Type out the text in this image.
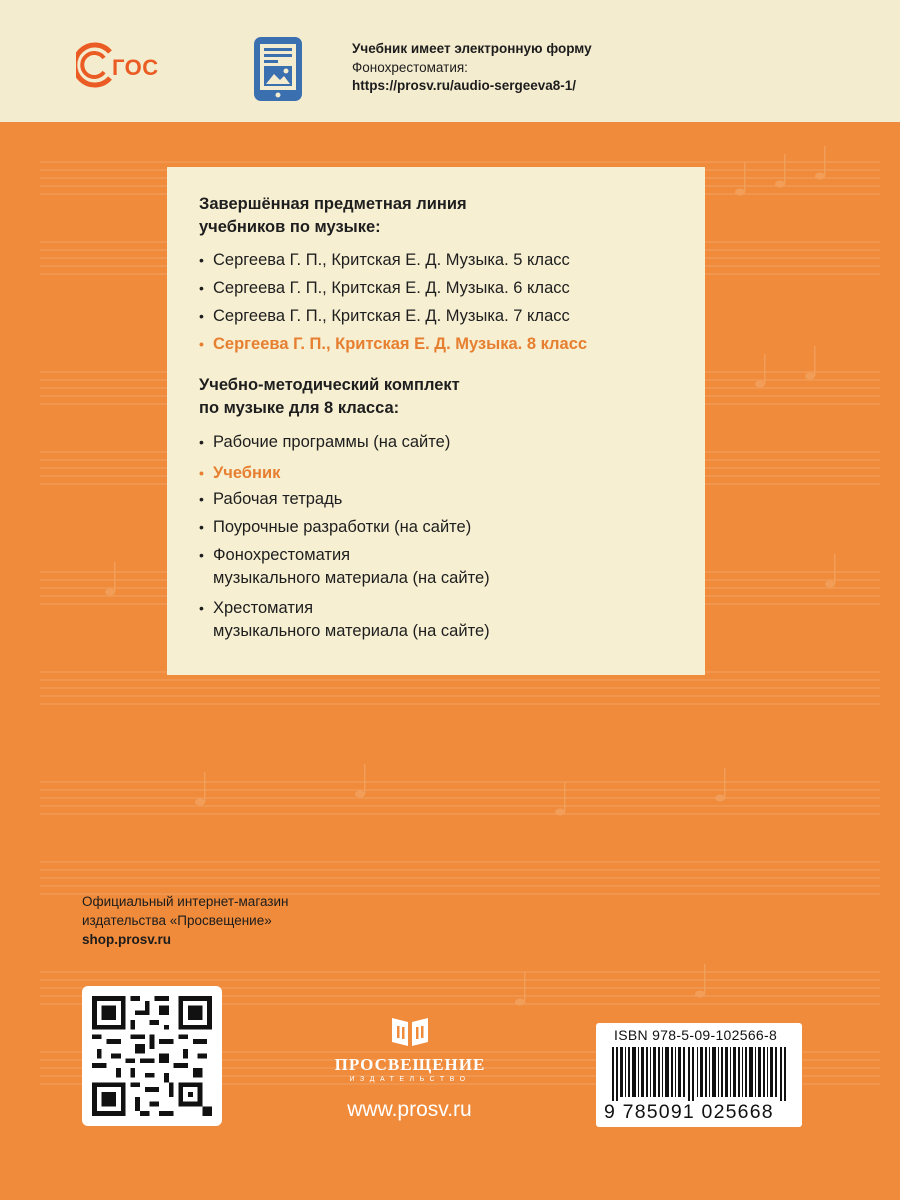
ГОС
Учебник имеет электронную форму
Фонохрестоматия:
https://prosv.ru/audio-sergeeva8-1/
Завершённая предметная линия
учебников по музыке:
• Сергеева Г. П., Критская Е. Д. Музыка. 5 класс
• Сергеева Г. П., Критская Е. Д. Музыка. 6 класс
• Сергеева Г. П., Критская Е. Д. Музыка. 7 класс
• Сергеева Г. П., Критская Е. Д. Музыка. 8 класс
Учебно-методический комплект
по музыке для 8 класса:
• Рабочие программы (на сайте)
• Учебник
• Рабочая тетрадь
• Поурочные разработки (на сайте)
• Фонохрестоматия
музыкального материала (на сайте)
• Хрестоматия
музыкального материала (на сайте)
Официальный интернет-магазин
издательства «Просвещение»
shop.prosv.ru
ПРОСВЕЩЕНИЕ
ИЗДАТЕЛЬСТВО
www.prosv.ru
ISBN 978-5-09-102566-8
9 785091 025668
